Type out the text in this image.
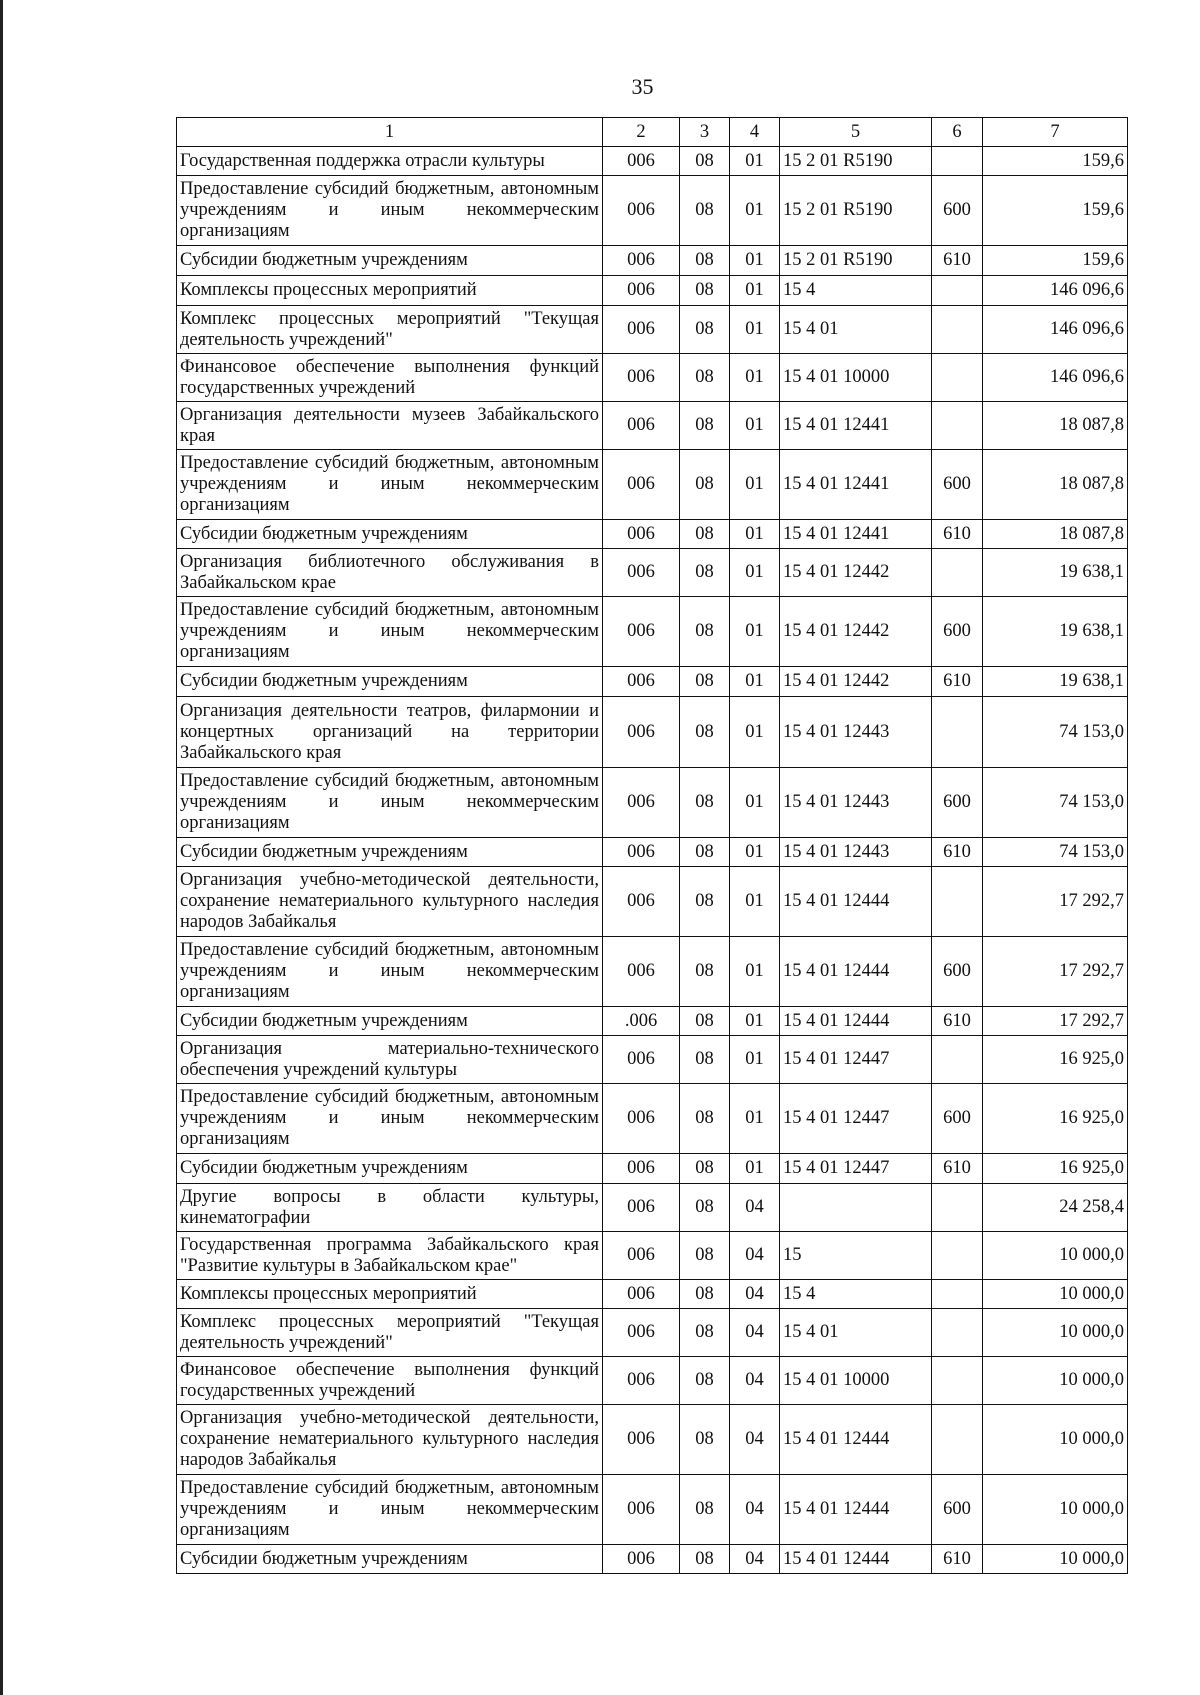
35
1	2	3	4	5	6	7
Государственная поддержка отрасли культуры	006	08	01	15 2 01 R5190		159,6
Предоставление субсидий бюджетным, автономным учреждениям и иным некоммерческим организациям	006	08	01	15 2 01 R5190	600	159,6
Субсидии бюджетным учреждениям	006	08	01	15 2 01 R5190	610	159,6
Комплексы процессных мероприятий	006	08	01	15 4		146 096,6
Комплекс процессных мероприятий "Текущая деятельность учреждений"	006	08	01	15 4 01		146 096,6
Финансовое обеспечение выполнения функций государственных учреждений	006	08	01	15 4 01 10000		146 096,6
Организация деятельности музеев Забайкальского края	006	08	01	15 4 01 12441		18 087,8
Предоставление субсидий бюджетным, автономным учреждениям и иным некоммерческим организациям	006	08	01	15 4 01 12441	600	18 087,8
Субсидии бюджетным учреждениям	006	08	01	15 4 01 12441	610	18 087,8
Организация библиотечного обслуживания в Забайкальском крае	006	08	01	15 4 01 12442		19 638,1
Предоставление субсидий бюджетным, автономным учреждениям и иным некоммерческим организациям	006	08	01	15 4 01 12442	600	19 638,1
Субсидии бюджетным учреждениям	006	08	01	15 4 01 12442	610	19 638,1
Организация деятельности театров, филармонии и концертных организаций на территории Забайкальского края	006	08	01	15 4 01 12443		74 153,0
Предоставление субсидий бюджетным, автономным учреждениям и иным некоммерческим организациям	006	08	01	15 4 01 12443	600	74 153,0
Субсидии бюджетным учреждениям	006	08	01	15 4 01 12443	610	74 153,0
Организация учебно-методической деятельности, сохранение нематериального культурного наследия народов Забайкалья	006	08	01	15 4 01 12444		17 292,7
Предоставление субсидий бюджетным, автономным учреждениям и иным некоммерческим организациям	006	08	01	15 4 01 12444	600	17 292,7
Субсидии бюджетным учреждениям	.006	08	01	15 4 01 12444	610	17 292,7
Организация материально-технического обеспечения учреждений культуры	006	08	01	15 4 01 12447		16 925,0
Предоставление субсидий бюджетным, автономным учреждениям и иным некоммерческим организациям	006	08	01	15 4 01 12447	600	16 925,0
Субсидии бюджетным учреждениям	006	08	01	15 4 01 12447	610	16 925,0
Другие вопросы в области культуры, кинематографии	006	08	04			24 258,4
Государственная программа Забайкальского края "Развитие культуры в Забайкальском крае"	006	08	04	15		10 000,0
Комплексы процессных мероприятий	006	08	04	15 4		10 000,0
Комплекс процессных мероприятий "Текущая деятельность учреждений"	006	08	04	15 4 01		10 000,0
Финансовое обеспечение выполнения функций государственных учреждений	006	08	04	15 4 01 10000		10 000,0
Организация учебно-методической деятельности, сохранение нематериального культурного наследия народов Забайкалья	006	08	04	15 4 01 12444		10 000,0
Предоставление субсидий бюджетным, автономным учреждениям и иным некоммерческим организациям	006	08	04	15 4 01 12444	600	10 000,0
Субсидии бюджетным учреждениям	006	08	04	15 4 01 12444	610	10 000,0
